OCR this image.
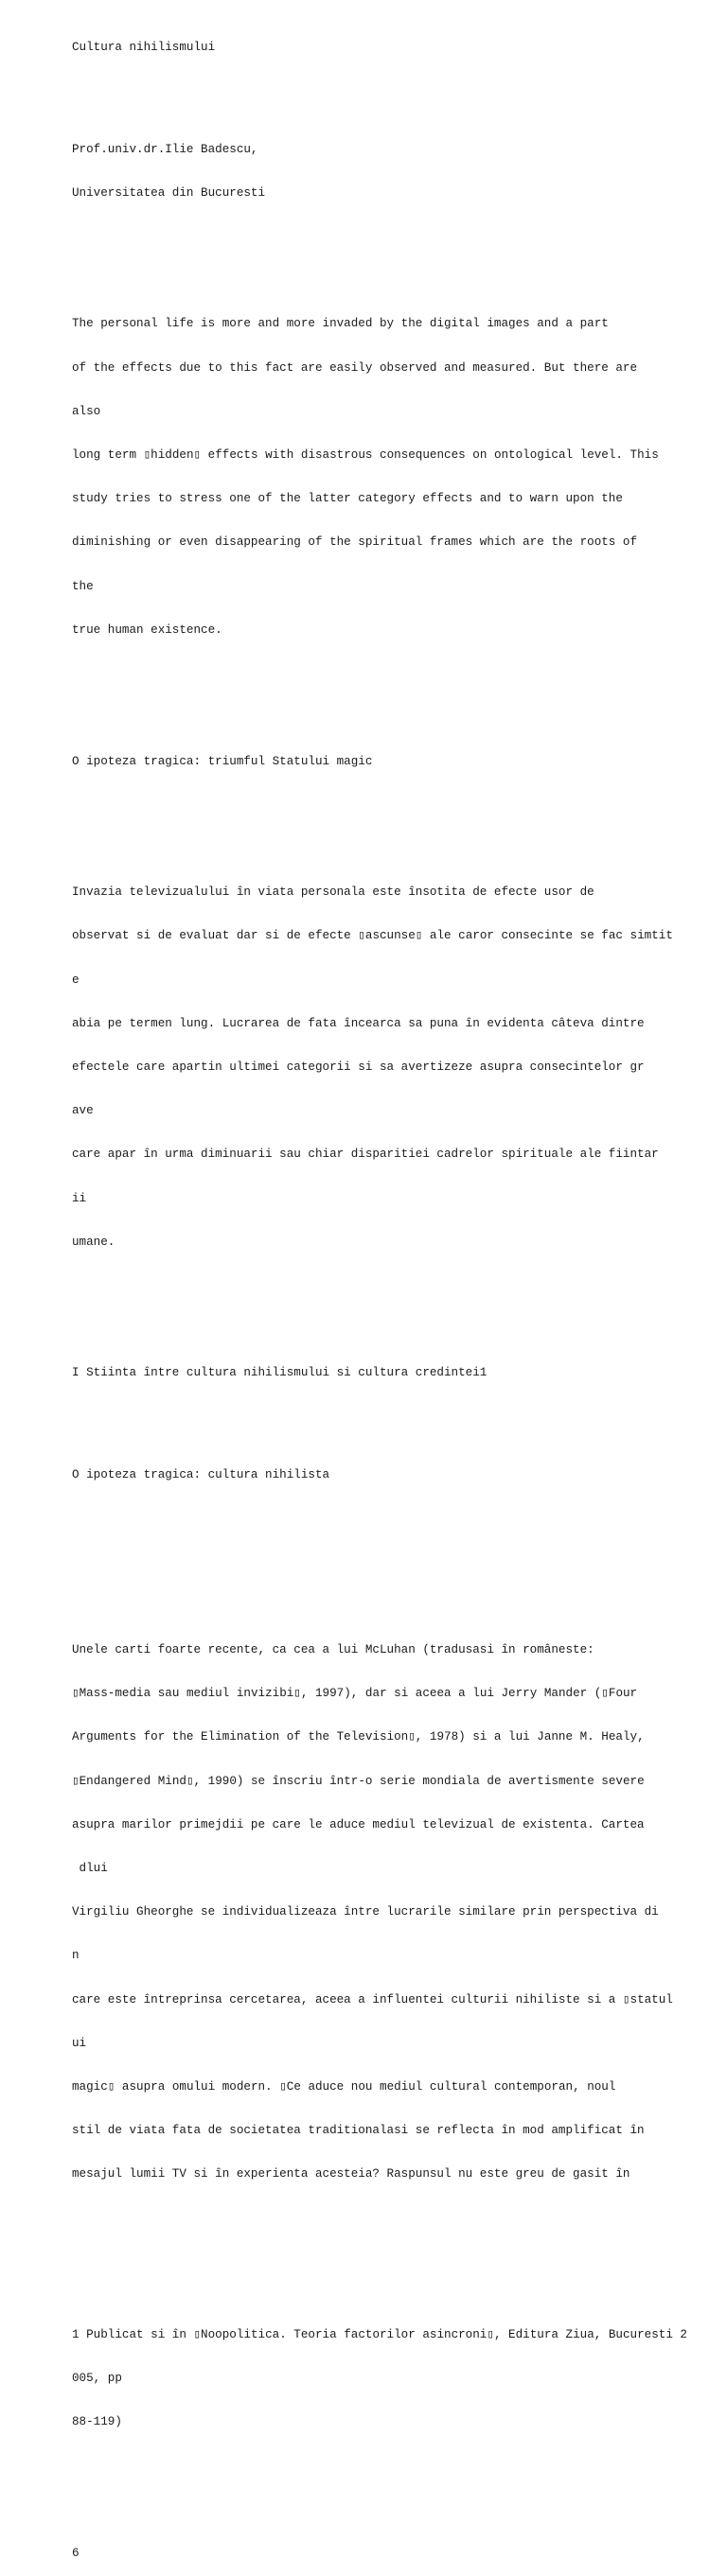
Cultura nihilismului

Prof.univ.dr.Ilie Badescu,

Universitatea din Bucuresti

The personal life is more and more invaded by the digital images and a part

of the effects due to this fact are easily observed and measured. But there are

also

long term ▯hidden▯ effects with disastrous consequences on ontological level. This

study tries to stress one of the latter category effects and to warn upon the

diminishing or even disappearing of the spiritual frames which are the roots of

the

true human existence.

O ipoteza tragica: triumful Statului magic

Invazia televizualului în viata personala este însotita de efecte usor de

observat si de evaluat dar si de efecte ▯ascunse▯ ale caror consecinte se fac simtit

e

abia pe termen lung. Lucrarea de fata încearca sa puna în evidenta câteva dintre

efectele care apartin ultimei categorii si sa avertizeze asupra consecintelor gr

ave

care apar în urma diminuarii sau chiar disparitiei cadrelor spirituale ale fiintar

ii

umane.

I Stiinta între cultura nihilismului si cultura credintei1

O ipoteza tragica: cultura nihilista

Unele carti foarte recente, ca cea a lui McLuhan (tradusasi în româneste:

▯Mass-media sau mediul invizibi▯, 1997), dar si aceea a lui Jerry Mander (▯Four

Arguments for the Elimination of the Television▯, 1978) si a lui Janne M. Healy,

▯Endangered Mind▯, 1990) se înscriu într-o serie mondiala de avertismente severe

asupra marilor primejdii pe care le aduce mediul televizual de existenta. Cartea

dlui

Virgiliu Gheorghe se individualizeaza între lucrarile similare prin perspectiva di

n

care este întreprinsa cercetarea, aceea a influentei culturii nihiliste si a ▯statul

ui

magic▯ asupra omului modern. ▯Ce aduce nou mediul cultural contemporan, noul

stil de viata fata de societatea traditionalasi se reflecta în mod amplificat în

mesajul lumii TV si în experienta acesteia? Raspunsul nu este greu de gasit în

1 Publicat si în ▯Noopolitica. Teoria factorilor asincroni▯, Editura Ziua, Bucuresti 2

005, pp

88-119)

6
